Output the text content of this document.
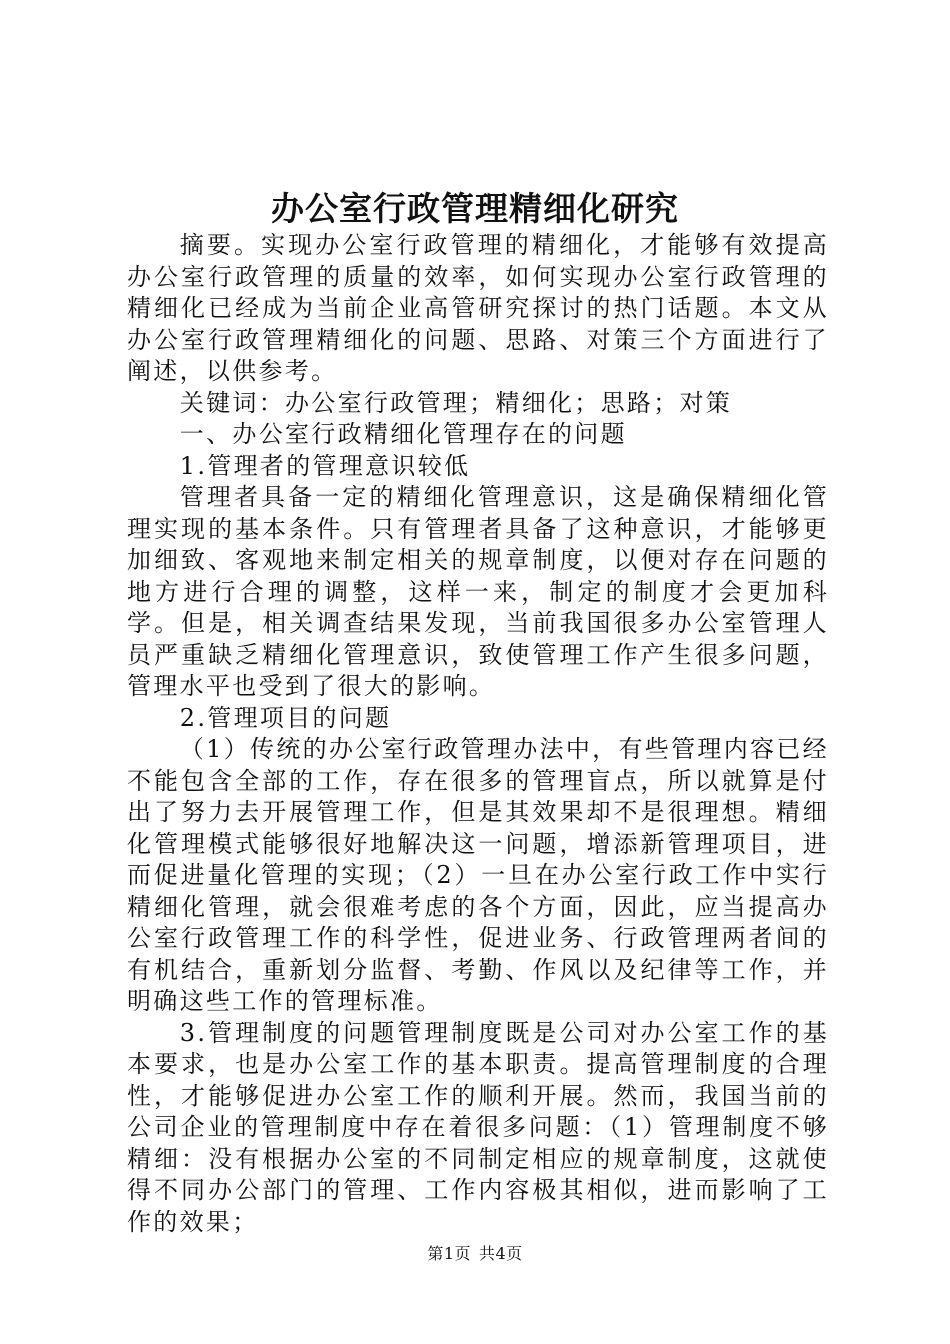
办公室行政管理精细化研究

摘要。实现办公室行政管理的精细化，才能够有效提高办公室行政管理的质量的效率，如何实现办公室行政管理的精细化已经成为当前企业高管研究探讨的热门话题。本文从办公室行政管理精细化的问题、思路、对策三个方面进行了阐述，以供参考。

关键词：办公室行政管理；精细化；思路；对策

一、办公室行政精细化管理存在的问题

1.管理者的管理意识较低

管理者具备一定的精细化管理意识，这是确保精细化管理实现的基本条件。只有管理者具备了这种意识，才能够更加细致、客观地来制定相关的规章制度，以便对存在问题的地方进行合理的调整，这样一来，制定的制度才会更加科学。但是，相关调查结果发现，当前我国很多办公室管理人员严重缺乏精细化管理意识，致使管理工作产生很多问题，管理水平也受到了很大的影响。

2.管理项目的问题

（1）传统的办公室行政管理办法中，有些管理内容已经不能包含全部的工作，存在很多的管理盲点，所以就算是付出了努力去开展管理工作，但是其效果却不是很理想。精细化管理模式能够很好地解决这一问题，增添新管理项目，进而促进量化管理的实现；（2）一旦在办公室行政工作中实行精细化管理，就会很难考虑的各个方面，因此，应当提高办公室行政管理工作的科学性，促进业务、行政管理两者间的有机结合，重新划分监督、考勤、作风以及纪律等工作，并明确这些工作的管理标准。

3.管理制度的问题管理制度既是公司对办公室工作的基本要求，也是办公室工作的基本职责。提高管理制度的合理性，才能够促进办公室工作的顺利开展。然而，我国当前的公司企业的管理制度中存在着很多问题：（1）管理制度不够精细：没有根据办公室的不同制定相应的规章制度，这就使得不同办公部门的管理、工作内容极其相似，进而影响了工作的效果；

第1页 共4页
